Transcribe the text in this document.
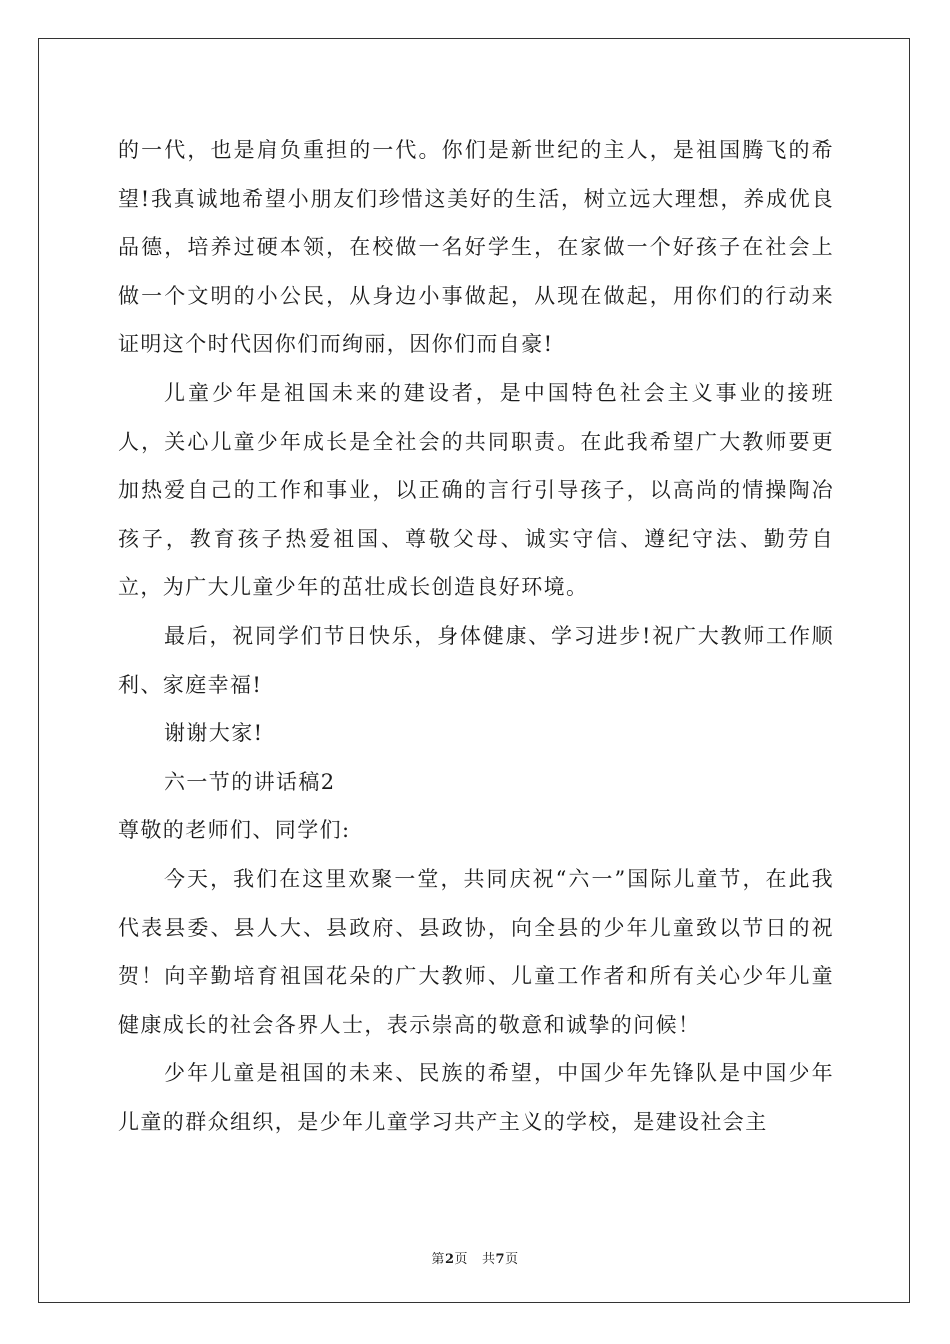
的一代，也是肩负重担的一代。你们是新世纪的主人，是祖国腾飞的希望!我真诚地希望小朋友们珍惜这美好的生活，树立远大理想，养成优良品德，培养过硬本领，在校做一名好学生，在家做一个好孩子在社会上做一个文明的小公民，从身边小事做起，从现在做起，用你们的行动来证明这个时代因你们而绚丽，因你们而自豪!

儿童少年是祖国未来的建设者，是中国特色社会主义事业的接班人，关心儿童少年成长是全社会的共同职责。在此我希望广大教师要更加热爱自己的工作和事业，以正确的言行引导孩子，以高尚的情操陶冶孩子，教育孩子热爱祖国、尊敬父母、诚实守信、遵纪守法、勤劳自立，为广大儿童少年的茁壮成长创造良好环境。

最后，祝同学们节日快乐，身体健康、学习进步!祝广大教师工作顺利、家庭幸福!

谢谢大家!

六一节的讲话稿2

尊敬的老师们、同学们:

今天，我们在这里欢聚一堂，共同庆祝“六一”国际儿童节，在此我代表县委、县人大、县政府、县政协，向全县的少年儿童致以节日的祝贺！向辛勤培育祖国花朵的广大教师、儿童工作者和所有关心少年儿童健康成长的社会各界人士，表示崇高的敬意和诚挚的问候！

少年儿童是祖国的未来、民族的希望，中国少年先锋队是中国少年儿童的群众组织，是少年儿童学习共产主义的学校，是建设社会主

第2页 共7页
